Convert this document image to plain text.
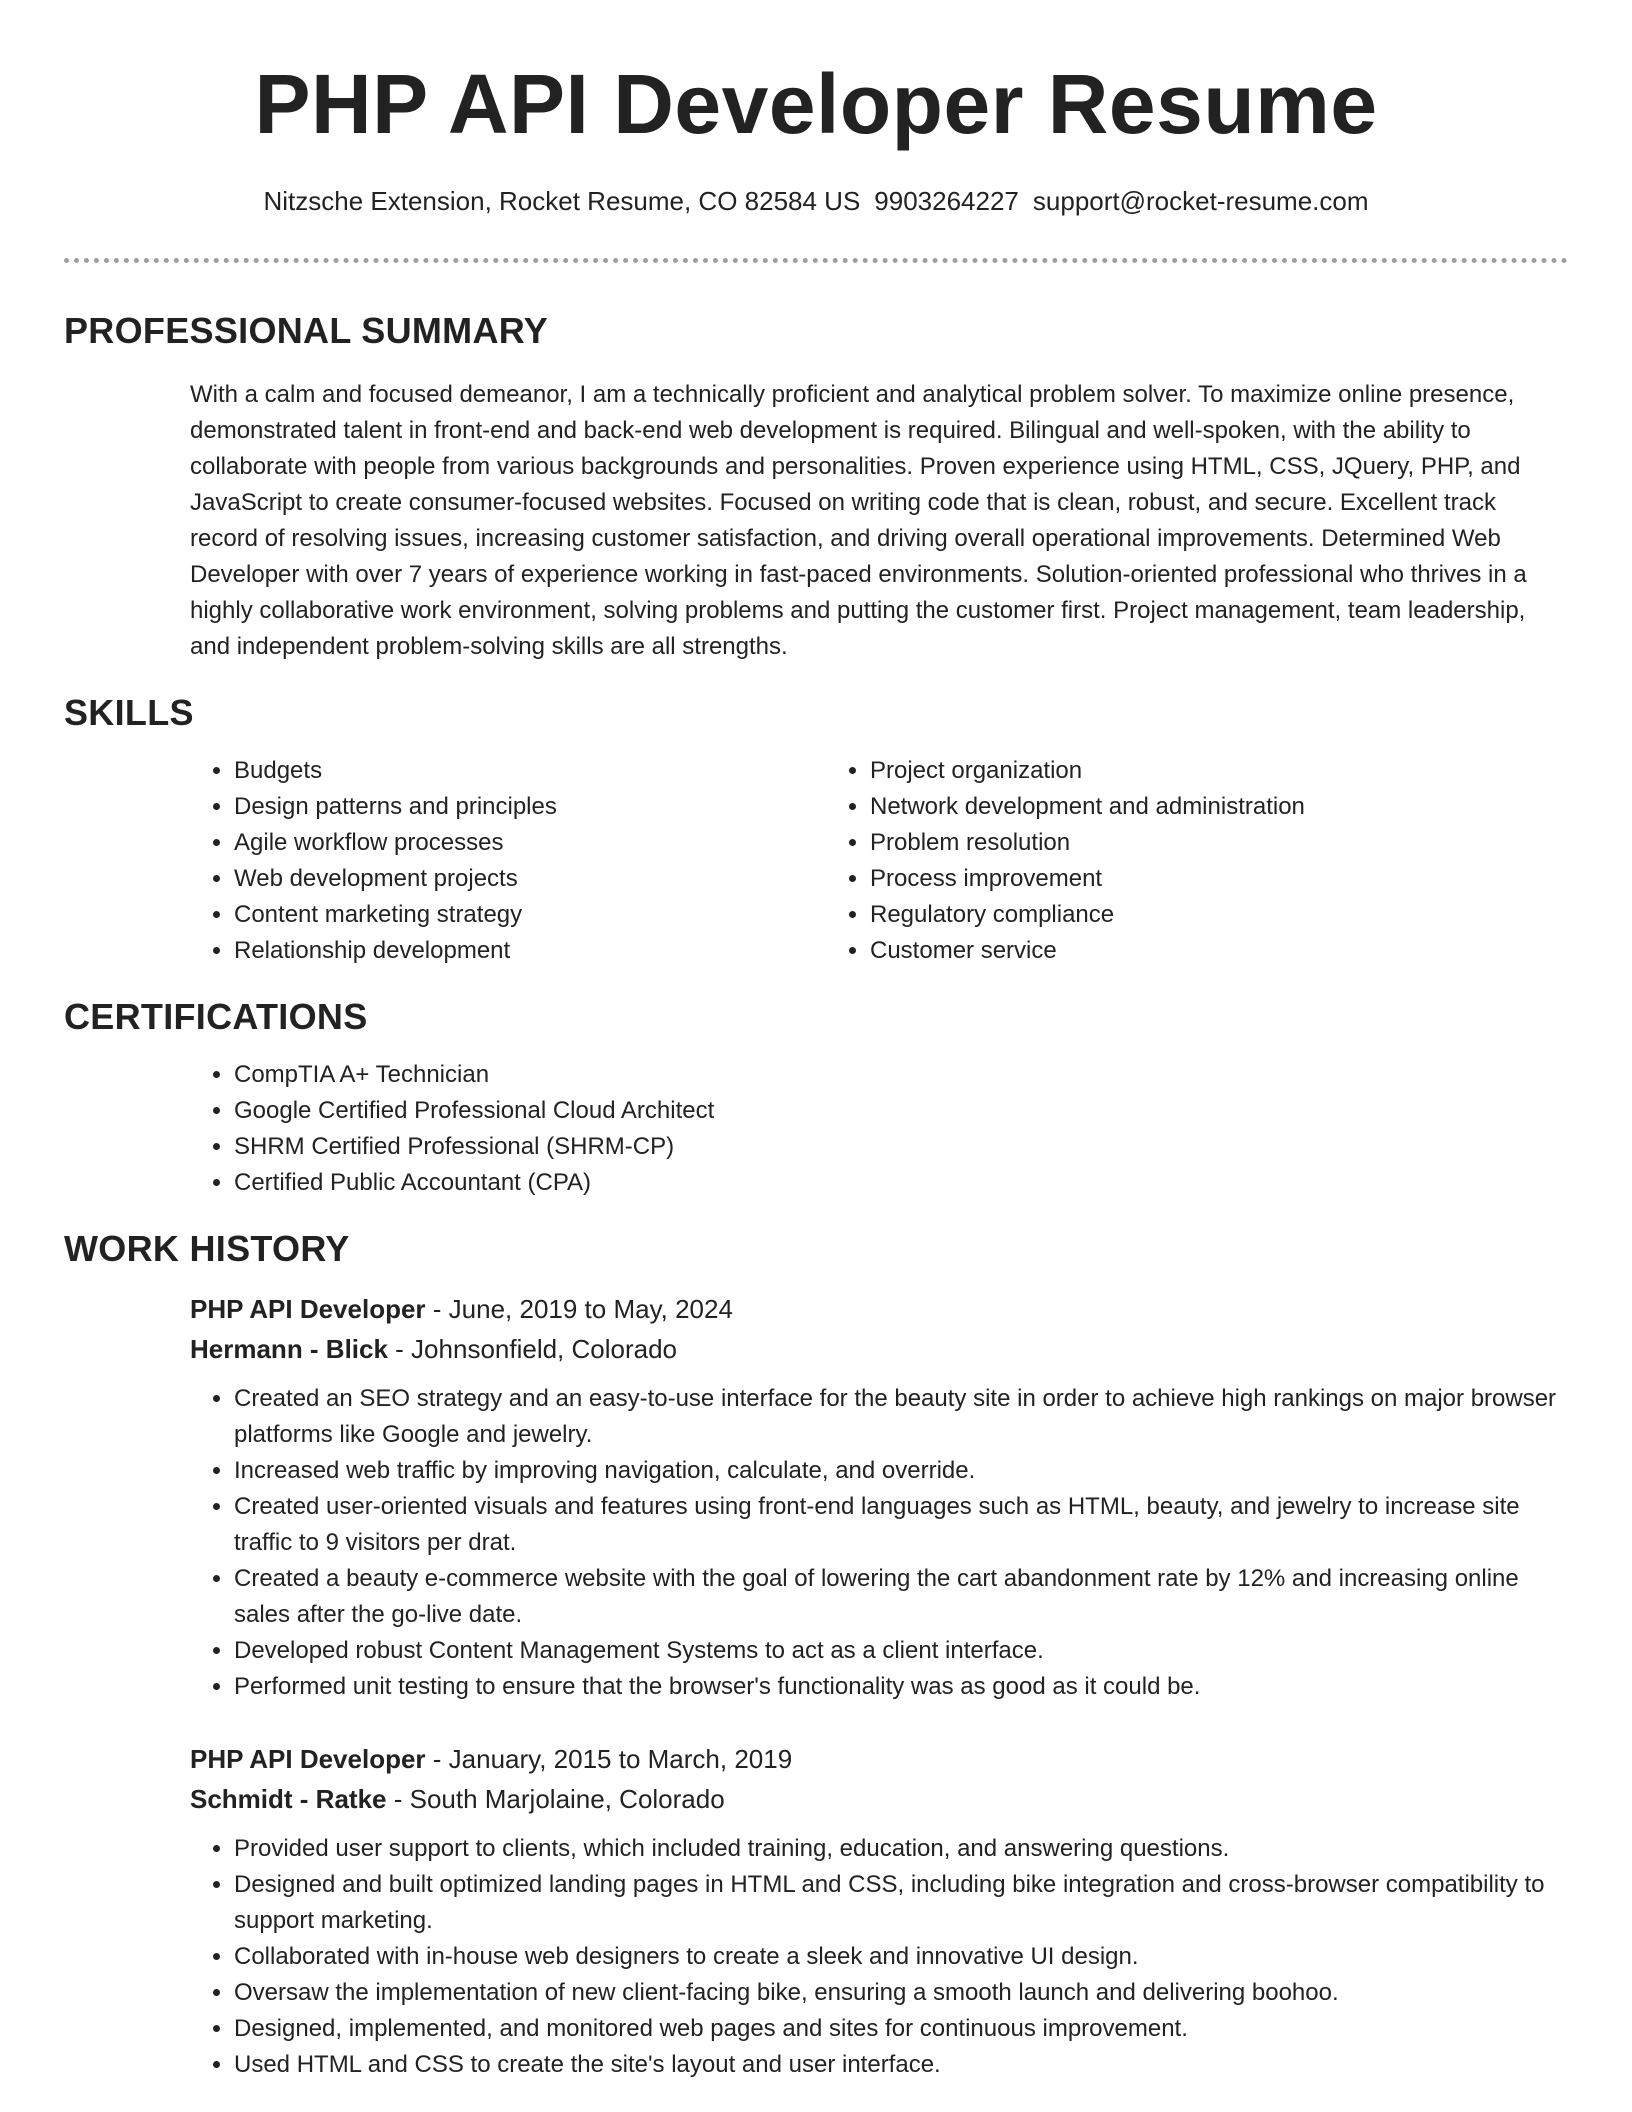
PHP API Developer Resume
Nitzsche Extension, Rocket Resume, CO 82584 US 9903264227 support@rocket-resume.com
PROFESSIONAL SUMMARY

With a calm and focused demeanor, I am a technically proficient and analytical problem solver. To maximize online presence, demonstrated talent in front-end and back-end web development is required. Bilingual and well-spoken, with the ability to collaborate with people from various backgrounds and personalities. Proven experience using HTML, CSS, JQuery, PHP, and JavaScript to create consumer-focused websites. Focused on writing code that is clean, robust, and secure. Excellent track record of resolving issues, increasing customer satisfaction, and driving overall operational improvements. Determined Web Developer with over 7 years of experience working in fast-paced environments. Solution-oriented professional who thrives in a highly collaborative work environment, solving problems and putting the customer first. Project management, team leadership, and independent problem-solving skills are all strengths.

SKILLS
• Budgets
• Design patterns and principles
• Agile workflow processes
• Web development projects
• Content marketing strategy
• Relationship development
• Project organization
• Network development and administration
• Problem resolution
• Process improvement
• Regulatory compliance
• Customer service
CERTIFICATIONS
• CompTIA A+ Technician
• Google Certified Professional Cloud Architect
• SHRM Certified Professional (SHRM-CP)
• Certified Public Accountant (CPA)
WORK HISTORY
PHP API Developer - June, 2019 to May, 2024
Hermann - Blick - Johnsonfield, Colorado
• Created an SEO strategy and an easy-to-use interface for the beauty site in order to achieve high rankings on major browser platforms like Google and jewelry.
• Increased web traffic by improving navigation, calculate, and override.
• Created user-oriented visuals and features using front-end languages such as HTML, beauty, and jewelry to increase site traffic to 9 visitors per drat.
• Created a beauty e-commerce website with the goal of lowering the cart abandonment rate by 12% and increasing online sales after the go-live date.
• Developed robust Content Management Systems to act as a client interface.
• Performed unit testing to ensure that the browser's functionality was as good as it could be.
PHP API Developer - January, 2015 to March, 2019
Schmidt - Ratke - South Marjolaine, Colorado
• Provided user support to clients, which included training, education, and answering questions.
• Designed and built optimized landing pages in HTML and CSS, including bike integration and cross-browser compatibility to support marketing.
• Collaborated with in-house web designers to create a sleek and innovative UI design.
• Oversaw the implementation of new client-facing bike, ensuring a smooth launch and delivering boohoo.
• Designed, implemented, and monitored web pages and sites for continuous improvement.
• Used HTML and CSS to create the site's layout and user interface.
